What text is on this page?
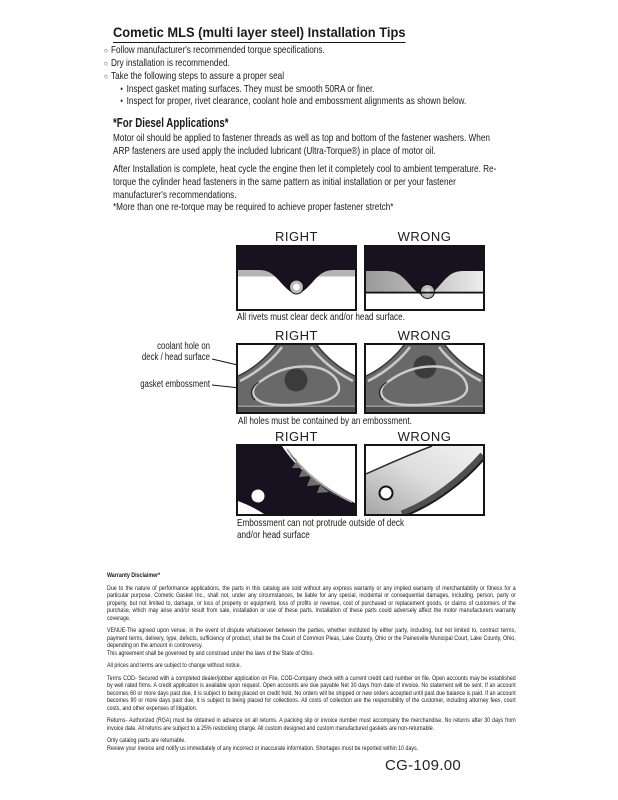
Cometic MLS (multi layer steel) Installation Tips
○ Follow manufacturer's recommended torque specifications.
○ Dry installation is recommended.
○ Take the following steps to assure a proper seal
• Inspect gasket mating surfaces. They must be smooth 50RA or finer.
• Inspect for proper, rivet clearance, coolant hole and embossment alignments as shown below.
*For Diesel Applications*
Motor oil should be applied to fastener threads as well as top and bottom of the fastener washers. When ARP fasteners are used apply the included lubricant (Ultra-Torque®) in place of motor oil.
After Installation is complete, heat cycle the engine then let it completely cool to ambient temperature. Re-torque the cylinder head fasteners in the same pattern as initial installation or per your fastener manufacturer's recommendations.
*More than one re-torque may be required to achieve proper fastener stretch*
RIGHT	WRONG
All rivets must clear deck and/or head surface.
RIGHT	WRONG
coolant hole on
deck / head surface
gasket embossment
All holes must be contained by an embossment.
RIGHT	WRONG
Embossment can not protrude outside of deck
and/or head surface
Warranty Disclaimer*

Due to the nature of performance applications, the parts in this catalog are sold without any express warranty or any implied warranty of merchantability or fitness for a particular purpose. Cometic Gasket Inc., shall not, under any circumstances, be liable for any special, incidental or consequential damages, including, person, party or property, but not limited to, damage, or loss of property or equipment, loss of profits or revenue, cost of purchased or replacement goods, or claims of customers of the purchase, which may arise and/or result from sale, installation or use of these parts. Installation of these parts could adversely affect the motor manufacturers warranty coverage.

VENUE-The agreed upon venue, in the event of dispute whatsoever between the parties, whether instituted by either party, including, but not limited to, contract terms, payment terms, delivery, type, defects, sufficiency of product, shall be the Court of Common Pleas, Lake County, Ohio or the Painesville Municipal Court, Lake County, Ohio, depending on the amount in controversy.

This agreement shall be governed by and construed under the laws of the State of Ohio.

All prices and terms are subject to change without notice.

Terms COD- Secured with a completed dealer/jobber application on File, COD-Company check with a current credit card number on file. Open accounts may be established by well rated firms. A credit application is available upon request. Open accounts are due payable Net 30 days from date of invoice. No statement will be sent. If an account becomes 60 or more days past due, it is subject to being placed on credit hold. No orders will be shipped or new orders accepted until past due balance is paid. If an account becomes 90 or more days past due, it is subject to being placed for collections. All costs of collection are the responsibility of the customer, including attorney fees, court costs, and other expenses of litigation.

Returns- Authorized (RGA) must be obtained in advance on all returns. A packing slip or invoice number must accompany the merchandise. No returns after 30 days from invoice date. All returns are subject to a 25% restocking charge. All custom designed and custom manufactured gaskets are non-returnable.

Only catalog parts are returnable.

Review your invoice and notify us immediately of any incorrect or inaccurate information. Shortages must be reported within 10 days.

CG-109.00
